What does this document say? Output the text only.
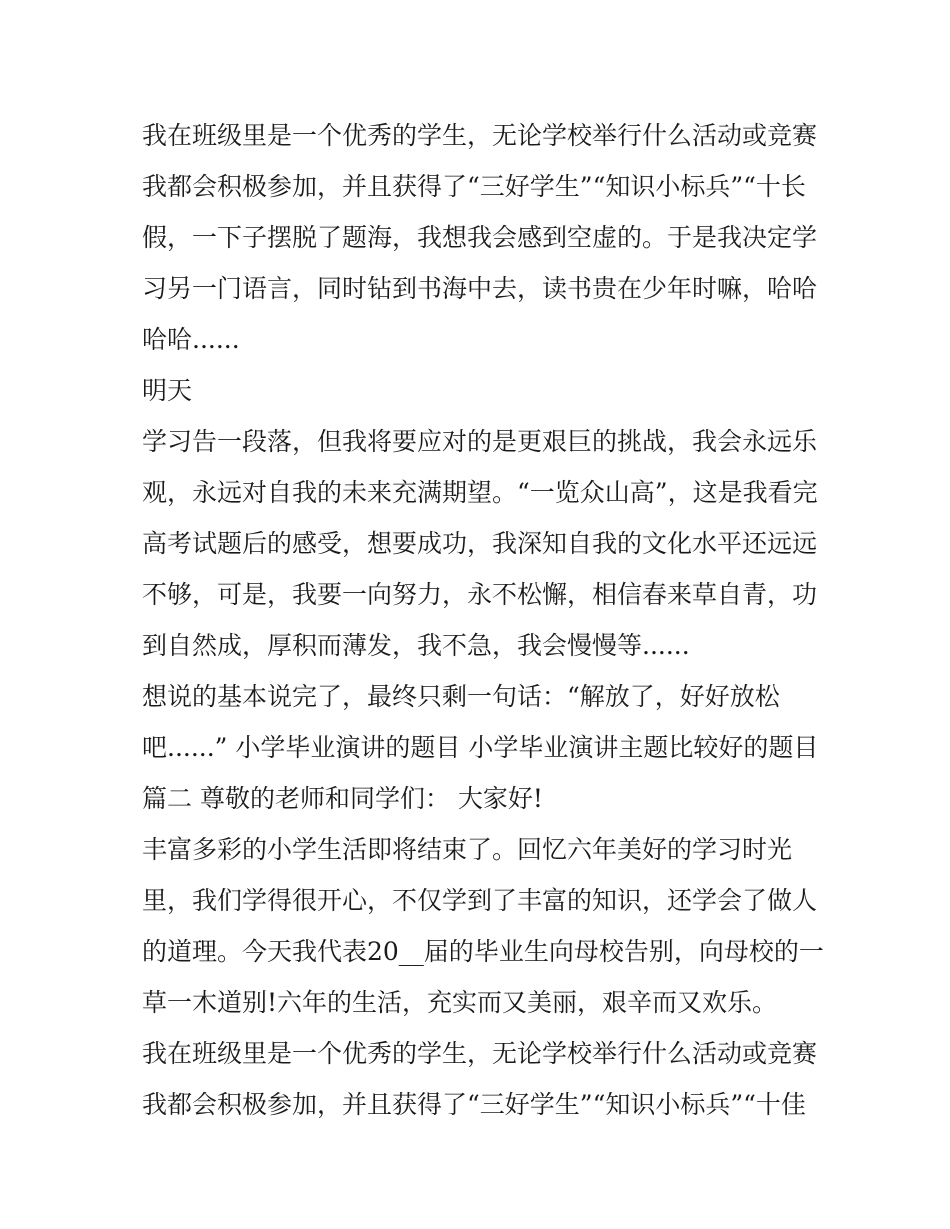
我在班级里是一个优秀的学生，无论学校举行什么活动或竞赛
我都会积极参加，并且获得了“三好学生”“知识小标兵”“十长
假，一下子摆脱了题海，我想我会感到空虚的。于是我决定学
习另一门语言，同时钻到书海中去，读书贵在少年时嘛，哈哈
哈哈......
明天
学习告一段落，但我将要应对的是更艰巨的挑战，我会永远乐
观，永远对自我的未来充满期望。“一览众山高”，这是我看完
高考试题后的感受，想要成功，我深知自我的文化水平还远远
不够，可是，我要一向努力，永不松懈，相信春来草自青，功
到自然成，厚积而薄发，我不急，我会慢慢等......
想说的基本说完了，最终只剩一句话：“解放了，好好放松
吧......” 小学毕业演讲的题目 小学毕业演讲主题比较好的题目
篇二 尊敬的老师和同学们： 大家好!
丰富多彩的小学生活即将结束了。回忆六年美好的学习时光
里，我们学得很开心，不仅学到了丰富的知识，还学会了做人
的道理。今天我代表20__届的毕业生向母校告别，向母校的一
草一木道别!六年的生活，充实而又美丽，艰辛而又欢乐。
我在班级里是一个优秀的学生，无论学校举行什么活动或竞赛
我都会积极参加，并且获得了“三好学生”“知识小标兵”“十佳
